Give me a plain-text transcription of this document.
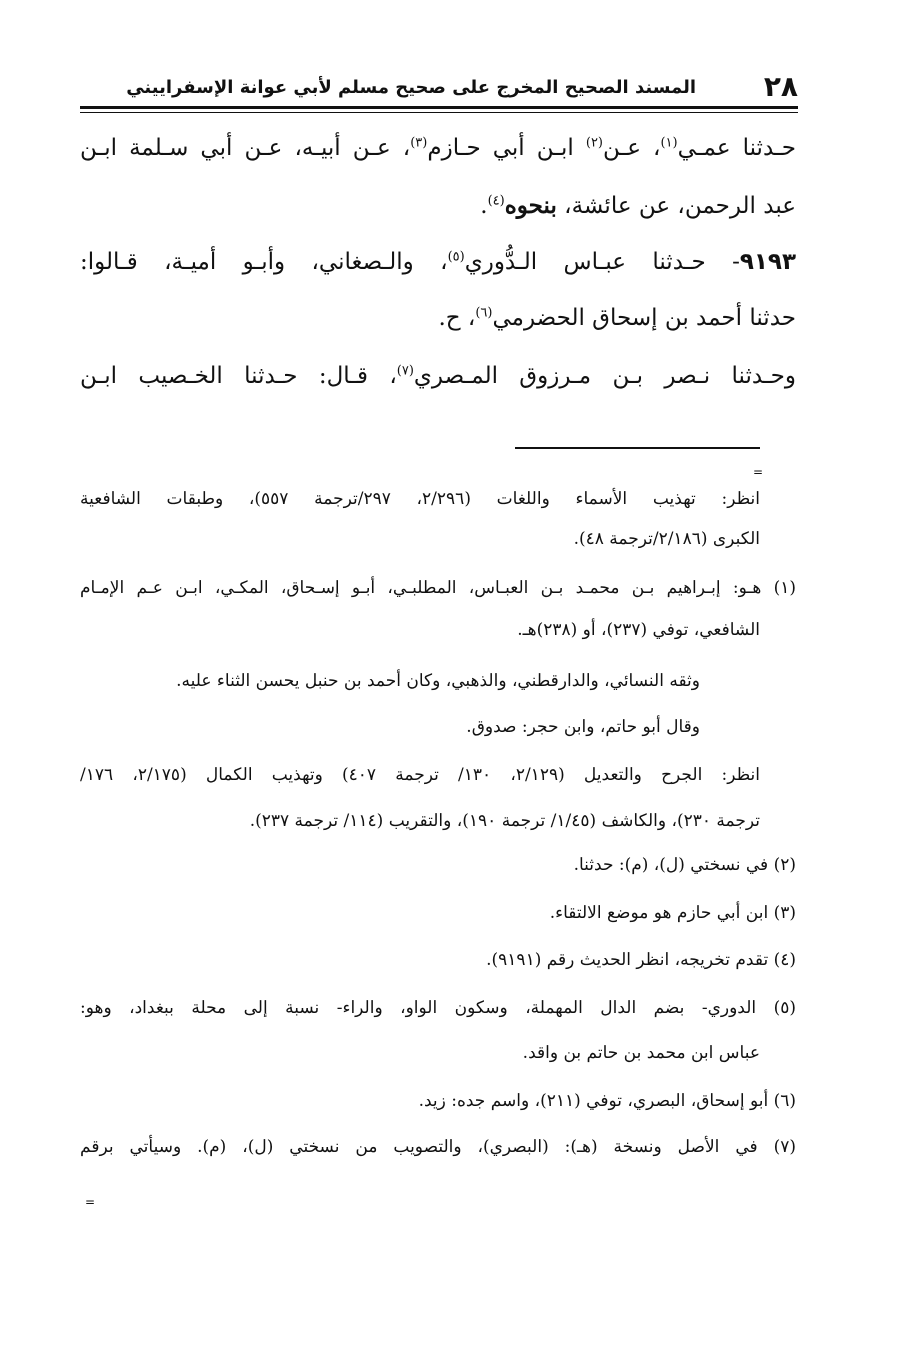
٢٨
المسند الصحيح المخرج على صحيح مسلم لأبي عوانة الإسفراييني
حـدثنا عمـي$^{(١)}$، عـن$^{(٢)}$ ابـن أبي حـازم$^{(٣)}$، عـن أبيـه، عـن أبي سـلمة ابـن
عبد الرحمن، عن عائشة، بنحوه$^{(٤)}$.
٩١٩٣- حـدثنا عبـاس الـدُّوري$^{(٥)}$، والـصغاني، وأبـو أميـة، قـالوا:
حدثنا أحمد بن إسحاق الحضرمي$^{(٦)}$، ح.
وحـدثنا نـصر بـن مـرزوق المـصري$^{(٧)}$، قـال: حـدثنا الخـصيب ابـن
=
انظر: تهذيب الأسماء واللغات (٢/٢٩٦، ٢٩٧/ترجمة ٥٥٧)، وطبقات الشافعية
الكبرى (٢/١٨٦/ترجمة ٤٨).
(١) هـو: إبـراهيم بـن محمـد بـن العبـاس، المطلبـي، أبـو إسـحاق، المكـي، ابـن عـم الإمـام
الشافعي، توفي (٢٣٧)، أو (٢٣٨)هـ.
وثقه النسائي، والدارقطني، والذهبي، وكان أحمد بن حنبل يحسن الثناء عليه.
وقال أبو حاتم، وابن حجر: صدوق.
انظر: الجرح والتعديل (٢/١٢٩، ١٣٠/ ترجمة ٤٠٧) وتهذيب الكمال (٢/١٧٥، ١٧٦/
ترجمة ٢٣٠)، والكاشف (١/٤٥/ ترجمة ١٩٠)، والتقريب (١١٤/ ترجمة ٢٣٧).
(٢) في نسختي (ل)، (م): حدثنا.
(٣) ابن أبي حازم هو موضع الالتقاء.
(٤) تقدم تخريجه، انظر الحديث رقم (٩١٩١).
(٥) الدوري- بضم الدال المهملة، وسكون الواو، والراء- نسبة إلى محلة ببغداد، وهو:
عباس ابن محمد بن حاتم بن واقد.
(٦) أبو إسحاق، البصري، توفي (٢١١)، واسم جده: زيد.
(٧) في الأصل ونسخة (هـ): (البصري)، والتصويب من نسختي (ل)، (م). وسيأتي برقم
=
